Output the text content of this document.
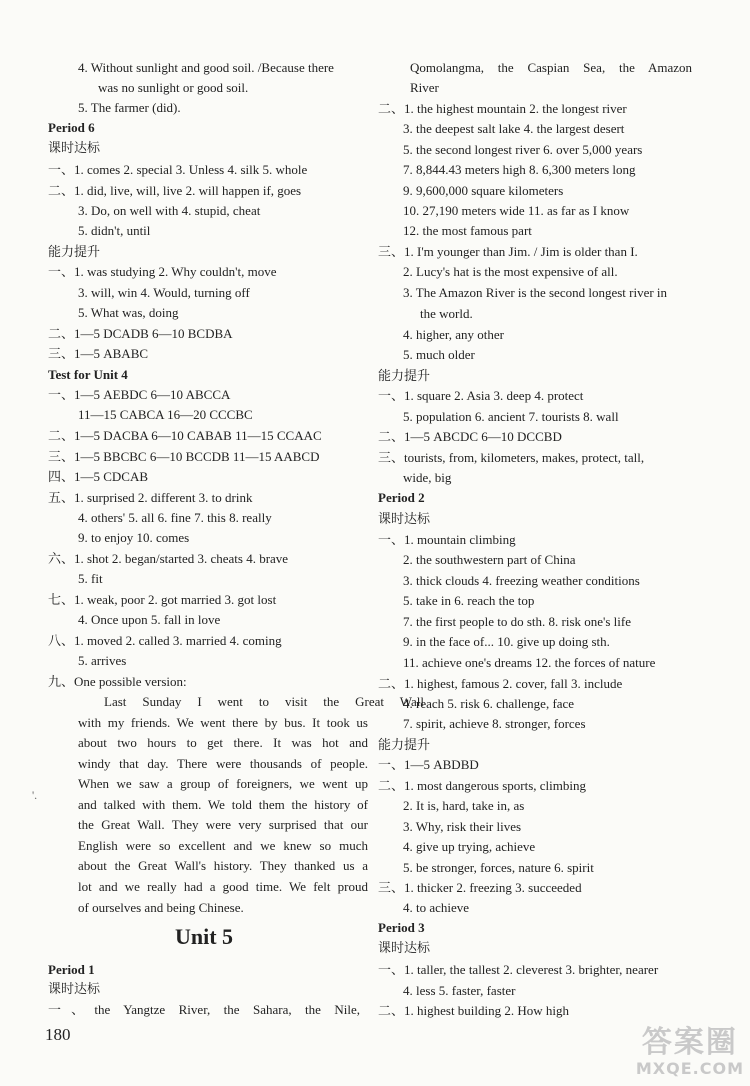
4. Without sunlight and good soil. /Because there
was no sunlight or good soil.
5. The farmer (did).
Period 6
课时达标
一、1. comes 2. special 3. Unless 4. silk 5. whole
二、1. did, live, will, live 2. will happen if, goes
3. Do, on well with 4. stupid, cheat
5. didn't, until
能力提升
一、1. was studying 2. Why couldn't, move
3. will, win 4. Would, turning off
5. What was, doing
二、1—5 DCADB 6—10 BCDBA
三、1—5 ABABC
Test for Unit 4
一、1—5 AEBDC 6—10 ABCCA
11—15 CABCA 16—20 CCCBC
二、1—5 DACBA 6—10 CABAB 11—15 CCAAC
三、1—5 BBCBC 6—10 BCCDB 11—15 AABCD
四、1—5 CDCAB
五、1. surprised 2. different 3. to drink
4. others' 5. all 6. fine 7. this 8. really
9. to enjoy 10. comes
六、1. shot 2. began/started 3. cheats 4. brave
5. fit
七、1. weak, poor 2. got married 3. got lost
4. Once upon 5. fall in love
八、1. moved 2. called 3. married 4. coming
5. arrives
九、One possible version:
Last Sunday I went to visit the Great Wall
with my friends. We went there by bus. It took us
about two hours to get there. It was hot and
windy that day. There were thousands of people.
When we saw a group of foreigners, we went up
and talked with them. We told them the history of
the Great Wall. They were very surprised that our
English were so excellent and we knew so much
about the Great Wall's history. They thanked us a
lot and we really had a good time. We felt proud
of ourselves and being Chinese.
Unit 5
Period 1
课时达标
一、the Yangtze River, the Sahara, the Nile,
Qomolangma, the Caspian Sea, the Amazon
River
二、1. the highest mountain 2. the longest river
3. the deepest salt lake 4. the largest desert
5. the second longest river 6. over 5,000 years
7. 8,844.43 meters high 8. 6,300 meters long
9. 9,600,000 square kilometers
10. 27,190 meters wide 11. as far as I know
12. the most famous part
三、1. I'm younger than Jim. / Jim is older than I.
2. Lucy's hat is the most expensive of all.
3. The Amazon River is the second longest river in
the world.
4. higher, any other
5. much older
能力提升
一、1. square 2. Asia 3. deep 4. protect
5. population 6. ancient 7. tourists 8. wall
二、1—5 ABCDC 6—10 DCCBD
三、tourists, from, kilometers, makes, protect, tall,
wide, big
Period 2
课时达标
一、1. mountain climbing
2. the southwestern part of China
3. thick clouds 4. freezing weather conditions
5. take in 6. reach the top
7. the first people to do sth. 8. risk one's life
9. in the face of... 10. give up doing sth.
11. achieve one's dreams 12. the forces of nature
二、1. highest, famous 2. cover, fall 3. include
4. reach 5. risk 6. challenge, face
7. spirit, achieve 8. stronger, forces
能力提升
一、1—5 ABDBD
二、1. most dangerous sports, climbing
2. It is, hard, take in, as
3. Why, risk their lives
4. give up trying, achieve
5. be stronger, forces, nature 6. spirit
三、1. thicker 2. freezing 3. succeeded
4. to achieve
Period 3
课时达标
一、1. taller, the tallest 2. cleverest 3. brighter, nearer
4. less 5. faster, faster
二、1. highest building 2. How high
180
'.
答案圈
MXQE.COM
